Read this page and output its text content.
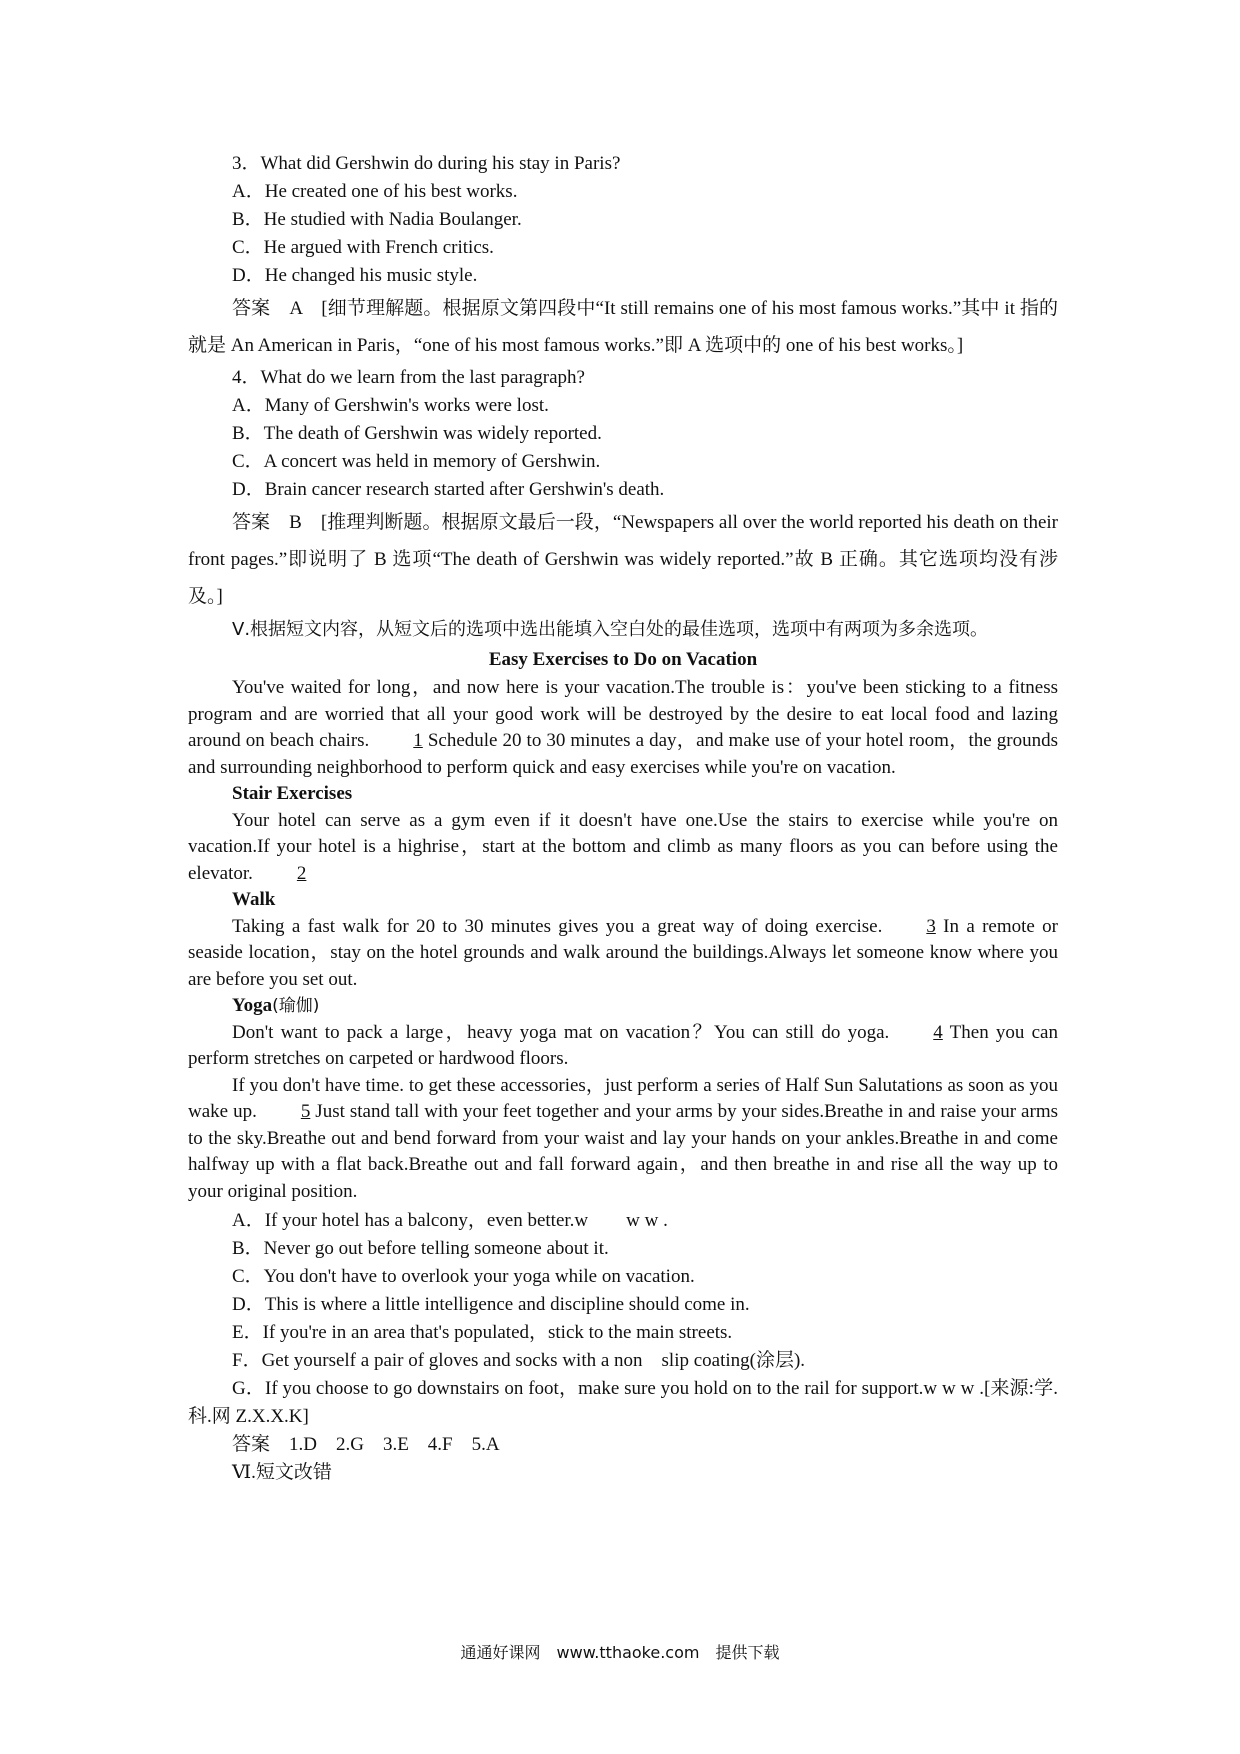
3．What did Gershwin do during his stay in Paris?
A．He created one of his best works.
B．He studied with Nadia Boulanger.
C．He argued with French critics.
D．He changed his music style.
答案　A　[细节理解题。根据原文第四段中“It still remains one of his most famous works.”其中 it 指的就是 An American in Paris，“one of his most famous works.”即 A 选项中的 one of his best works。]
4．What do we learn from the last paragraph?
A．Many of Gershwin's works were lost.
B．The death of Gershwin was widely reported.
C．A concert was held in memory of Gershwin.
D．Brain cancer research started after Gershwin's death.
答案　B　[推理判断题。根据原文最后一段，“Newspapers all over the world reported his death on their front pages.”即说明了 B 选项“The death of Gershwin was widely reported.”故 B 正确。其它选项均没有涉及。]
Ⅴ.根据短文内容，从短文后的选项中选出能填入空白处的最佳选项，选项中有两项为多余选项。
Easy Exercises to Do on Vacation
You've waited for long，and now here is your vacation.The trouble is：you've been sticking to a fitness program and are worried that all your good work will be destroyed by the desire to eat local food and lazing around on beach chairs. 1 Schedule 20 to 30 minutes a day，and make use of your hotel room，the grounds and surrounding neighborhood to perform quick and easy exercises while you're on vacation.
Stair Exercises
Your hotel can serve as a gym even if it doesn't have one.Use the stairs to exercise while you're on vacation.If your hotel is a highrise，start at the bottom and climb as many floors as you can before using the elevator. 2
Walk
Taking a fast walk for 20 to 30 minutes gives you a great way of doing exercise. 3 In a remote or seaside location，stay on the hotel grounds and walk around the buildings.Always let someone know where you are before you set out.
Yoga(瑜伽)
Don't want to pack a large，heavy yoga mat on vacation？You can still do yoga. 4 Then you can perform stretches on carpeted or hardwood floors.
If you don't have time. to get these accessories，just perform a series of Half Sun Salutations as soon as you wake up. 5 Just stand tall with your feet together and your arms by your sides.Breathe in and raise your arms to the sky.Breathe out and bend forward from your waist and lay your hands on your ankles.Breathe in and come halfway up with a flat back.Breathe out and fall forward again，and then breathe in and rise all the way up to your original position.
A．If your hotel has a balcony，even better.w　　w w .
B．Never go out before telling someone about it.
C．You don't have to overlook your yoga while on vacation.
D．This is where a little intelligence and discipline should come in.
E．If you're in an area that's populated，stick to the main streets.
F．Get yourself a pair of gloves and socks with a non　slip coating(涂层).
G．If you choose to go downstairs on foot，make sure you hold on to the rail for support.w w w .[来源:学.科.网 Z.X.X.K]
答案　1.D　2.G　3.E　4.F　5.A
Ⅵ.短文改错
通通好课网　www.tthaoke.com　提供下载
